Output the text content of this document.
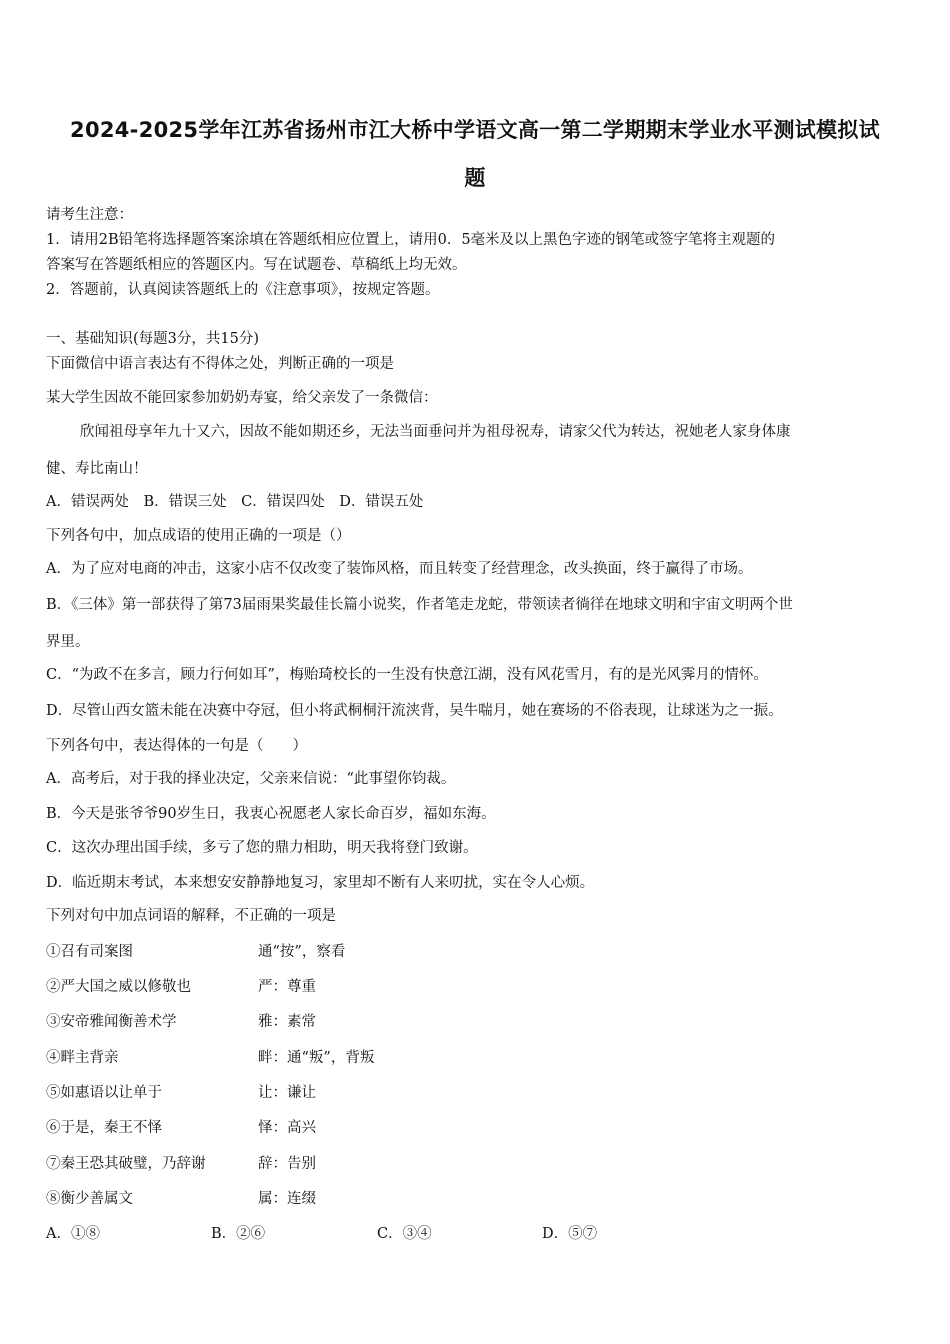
2024-2025学年江苏省扬州市江大桥中学语文高一第二学期期末学业水平测试模拟试
题
请考生注意：
1．请用2B铅笔将选择题答案涂填在答题纸相应位置上，请用0．5毫米及以上黑色字迹的钢笔或签字笔将主观题的
答案写在答题纸相应的答题区内。写在试题卷、草稿纸上均无效。
2．答题前，认真阅读答题纸上的《注意事项》，按规定答题。
一、基础知识(每题3分，共15分)
下面微信中语言表达有不得体之处，判断正确的一项是
某大学生因故不能回家参加奶奶寿宴，给父亲发了一条微信：
欣闻祖母享年九十又六，因故不能如期还乡，无法当面垂问并为祖母祝寿，请家父代为转达，祝她老人家身体康
健、寿比南山！
A．错误两处　B．错误三处　C．错误四处　D．错误五处
下列各句中，加点成语的使用正确的一项是（）
A．为了应对电商的冲击，这家小店不仅改变了装饰风格，而且转变了经营理念，改头换面，终于赢得了市场。
B．《三体》第一部获得了第73届雨果奖最佳长篇小说奖，作者笔走龙蛇，带领读者徜徉在地球文明和宇宙文明两个世
界里。
C．“为政不在多言，顾力行何如耳”，梅贻琦校长的一生没有快意江湖，没有风花雪月，有的是光风霁月的情怀。
D．尽管山西女篮未能在决赛中夺冠，但小将武桐桐汗流浃背，吴牛喘月，她在赛场的不俗表现，让球迷为之一振。
下列各句中，表达得体的一句是（　　）
A．高考后，对于我的择业决定，父亲来信说：“此事望你钧裁。
B．今天是张爷爷90岁生日，我衷心祝愿老人家长命百岁，福如东海。
C．这次办理出国手续，多亏了您的鼎力相助，明天我将登门致谢。
D．临近期末考试，本来想安安静静地复习，家里却不断有人来叨扰，实在令人心烦。
下列对句中加点词语的解释，不正确的一项是
①召有司案图	通“按”，察看
②严大国之威以修敬也	严：尊重
③安帝雅闻衡善术学	雅：素常
④畔主背亲	畔：通“叛”，背叛
⑤如惠语以让单于	让：谦让
⑥于是，秦王不怿	怿：高兴
⑦秦王恐其破璧，乃辞谢	辞：告别
⑧衡少善属文	属：连缀
A．①⑧	B．②⑥	C．③④	D．⑤⑦
